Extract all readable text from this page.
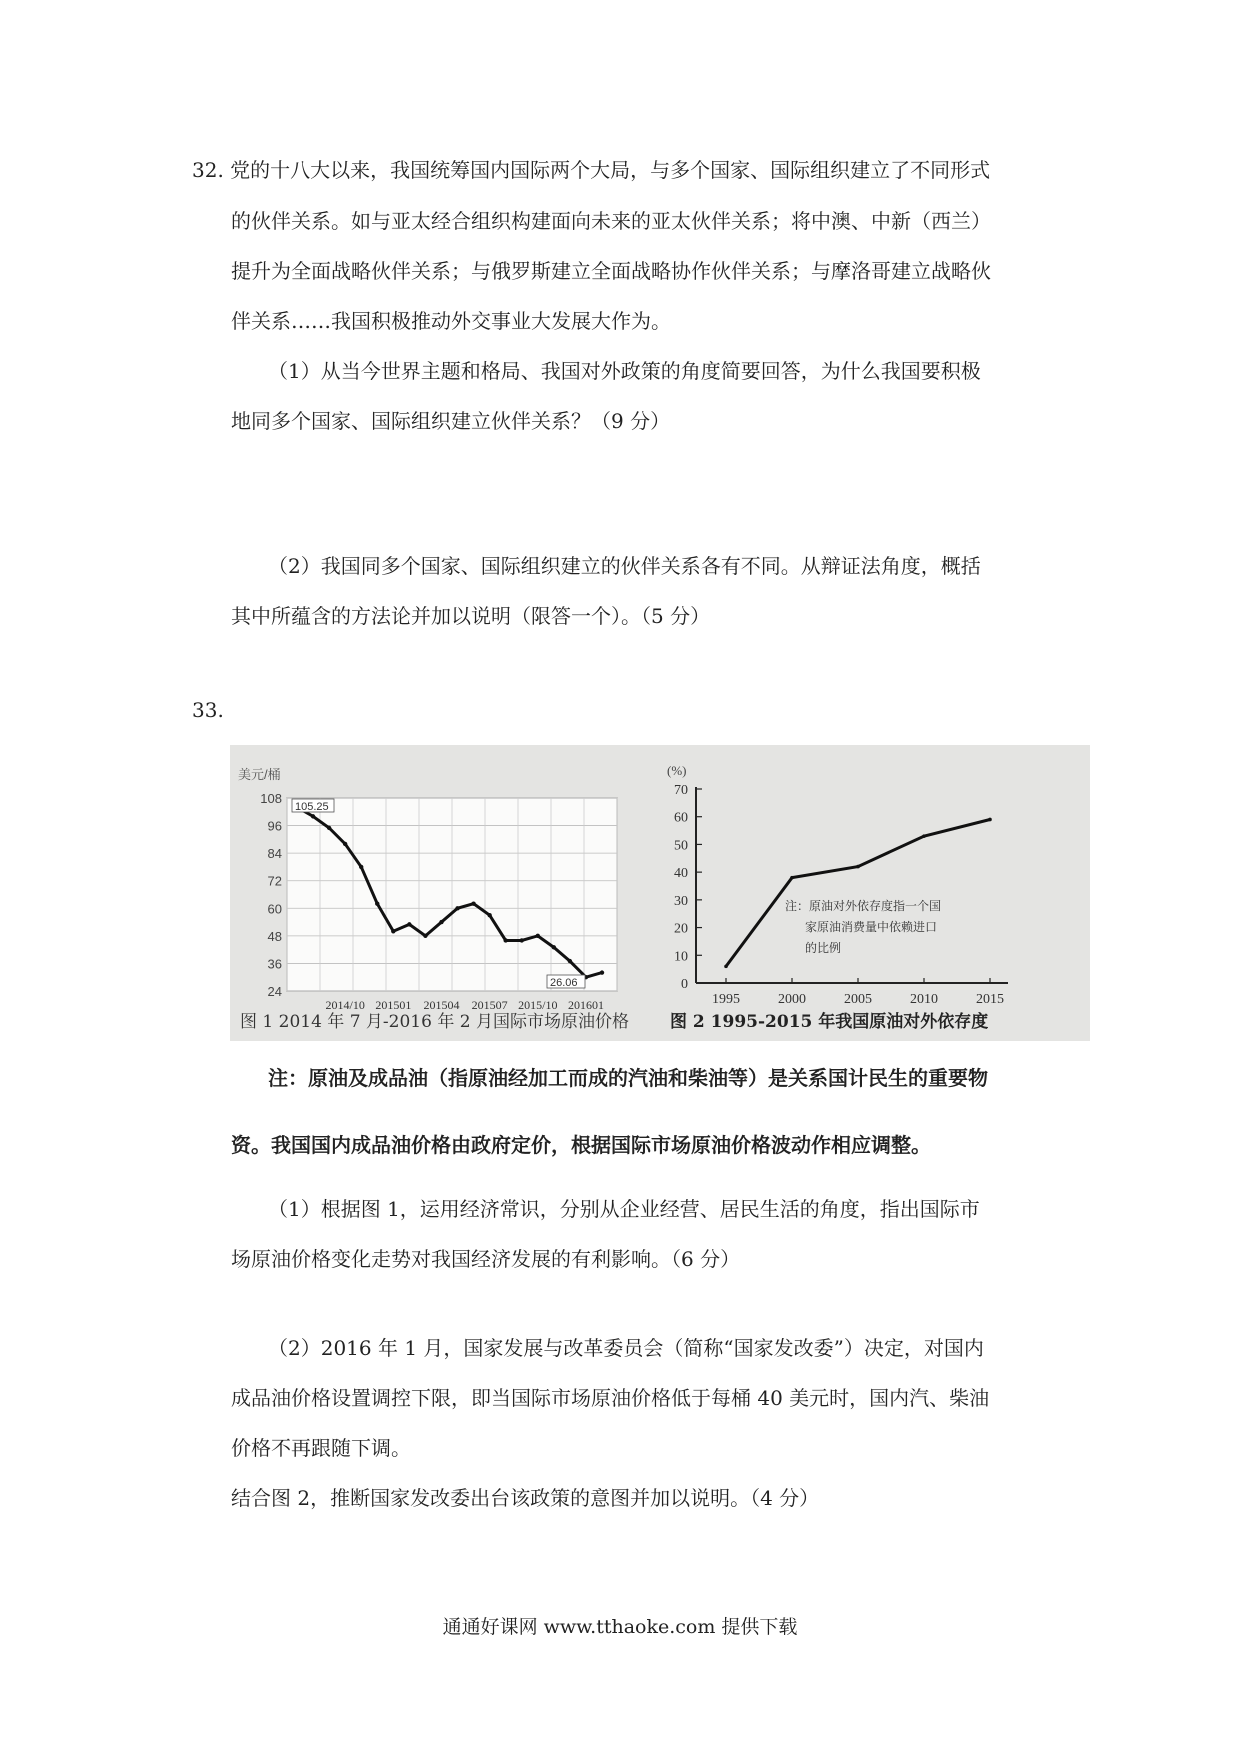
32. 党的十八大以来，我国统筹国内国际两个大局，与多个国家、国际组织建立了不同形式
的伙伴关系。如与亚太经合组织构建面向未来的亚太伙伴关系；将中澳、中新（西兰）
提升为全面战略伙伴关系；与俄罗斯建立全面战略协作伙伴关系；与摩洛哥建立战略伙
伴关系……我国积极推动外交事业大发展大作为。
（1）从当今世界主题和格局、我国对外政策的角度简要回答，为什么我国要积极
地同多个国家、国际组织建立伙伴关系？（9 分）
（2）我国同多个国家、国际组织建立的伙伴关系各有不同。从辩证法角度，概括
其中所蕴含的方法论并加以说明（限答一个）。（5 分）
33.
美元/桶
108
96
84
72
60
48
36
24
2014/10 201501 201504 201507 2015/10 201601
105.25
26.06
图 1 2014 年 7 月-2016 年 2 月国际市场原油价格
(%)
70
60
50
40
30
20
10
0
1995	2000	2005	2010	2015
注：原油对外依存度指一个国
家原油消费量中依赖进口
的比例
图 2 1995-2015 年我国原油对外依存度
注：原油及成品油（指原油经加工而成的汽油和柴油等）是关系国计民生的重要物
资。我国国内成品油价格由政府定价，根据国际市场原油价格波动作相应调整。
（1）根据图 1，运用经济常识，分别从企业经营、居民生活的角度，指出国际市
场原油价格变化走势对我国经济发展的有利影响。（6 分）
（2）2016 年 1 月，国家发展与改革委员会（简称“国家发改委”）决定，对国内
成品油价格设置调控下限，即当国际市场原油价格低于每桶 40 美元时，国内汽、柴油
价格不再跟随下调。
结合图 2，推断国家发改委出台该政策的意图并加以说明。（4 分）
通通好课网 www.tthaoke.com 提供下载
